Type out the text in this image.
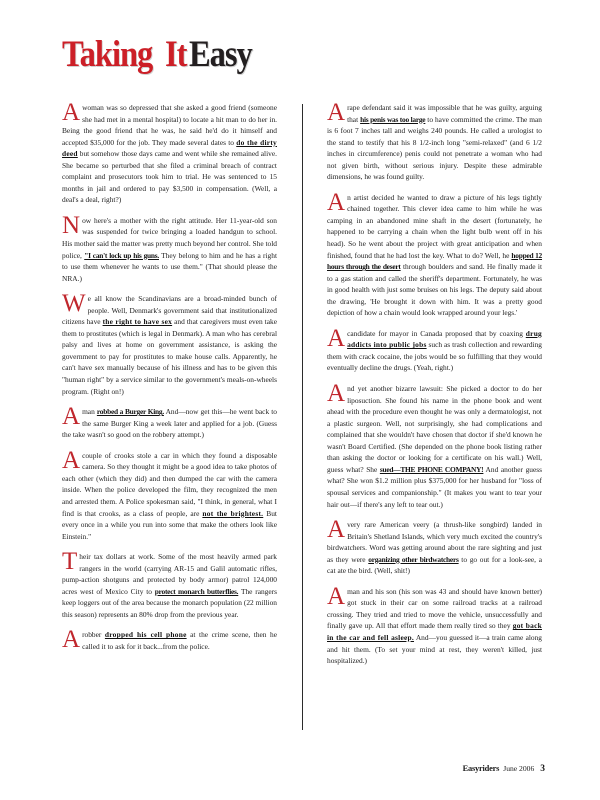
Taking It Easy

Awoman was so depressed that she asked a good friend (someone she had met in a mental hospital) to locate a hit man to do her in. Being the good friend that he was, he said he'd do it himself and accepted $35,000 for the job. They made several dates to do the dirty deed but somehow those days came and went while she remained alive. She became so perturbed that she filed a criminal breach of contract complaint and prosecutors took him to trial. He was sentenced to 15 months in jail and ordered to pay $3,500 in compensation. (Well, a deal's a deal, right?)

Now here's a mother with the right attitude. Her 11-year-old son was suspended for twice bringing a loaded handgun to school. His mother said the matter was pretty much beyond her control. She told police, "I can't lock up his guns. They belong to him and he has a right to use them whenever he wants to use them." (That should please the NRA.)

We all know the Scandinavians are a broad-minded bunch of people. Well, Denmark's government said that institutionalized citizens have the right to have sex and that caregivers must even take them to prostitutes (which is legal in Denmark). A man who has cerebral palsy and lives at home on government assistance, is asking the government to pay for prostitutes to make house calls. Apparently, he can't have sex manually because of his illness and has to be given this "human right" by a service similar to the government's meals-on-wheels program. (Right on!)

Aman robbed a Burger King. And—now get this—he went back to the same Burger King a week later and applied for a job. (Guess the take wasn't so good on the robbery attempt.)

Acouple of crooks stole a car in which they found a disposable camera. So they thought it might be a good idea to take photos of each other (which they did) and then dumped the car with the camera inside. When the police developed the film, they recognized the men and arrested them. A Police spokesman said, "I think, in general, what I find is that crooks, as a class of people, are not the brightest. But every once in a while you run into some that make the others look like Einstein."

Their tax dollars at work. Some of the most heavily armed park rangers in the world (carrying AR-15 and Galil automatic rifles, pump-action shotguns and protected by body armor) patrol 124,000 acres west of Mexico City to protect monarch butterflies. The rangers keep loggers out of the area because the monarch population (22 million this season) represents an 80% drop from the previous year.

Arobber dropped his cell phone at the crime scene, then he called it to ask for it back...from the police.

Arape defendant said it was impossible that he was guilty, arguing that his penis was too large to have committed the crime. The man is 6 foot 7 inches tall and weighs 240 pounds. He called a urologist to the stand to testify that his 8 1/2-inch long "semi-relaxed" (and 6 1/2 inches in circumference) penis could not penetrate a woman who had not given birth, without serious injury. Despite these admirable dimensions, he was found guilty.

An artist decided he wanted to draw a picture of his legs tightly chained together. This clever idea came to him while he was camping in an abandoned mine shaft in the desert (fortunately, he happened to be carrying a chain when the light bulb went off in his head). So he went about the project with great anticipation and when finished, found that he had lost the key. What to do? Well, he hopped 12 hours through the desert through boulders and sand. He finally made it to a gas station and called the sheriff's department. Fortunately, he was in good health with just some bruises on his legs. The deputy said about the drawing, 'He brought it down with him. It was a pretty good depiction of how a chain would look wrapped around your legs.'

Acandidate for mayor in Canada proposed that by coaxing drug addicts into public jobs such as trash collection and rewarding them with crack cocaine, the jobs would be so fulfilling that they would eventually decline the drugs. (Yeah, right.)

And yet another bizarre lawsuit: She picked a doctor to do her liposuction. She found his name in the phone book and went ahead with the procedure even thought he was only a dermatologist, not a plastic surgeon. Well, not surprisingly, she had complications and complained that she wouldn't have chosen that doctor if she'd known he wasn't Board Certified. (She depended on the phone book listing rather than asking the doctor or looking for a certificate on his wall.) Well, guess what? She sued—THE PHONE COMPANY! And another guess what? She won $1.2 million plus $375,000 for her husband for "loss of spousal services and companionship." (It makes you want to tear your hair out—if there's any left to tear out.)

Avery rare American veery (a thrush-like songbird) landed in Britain's Shetland Islands, which very much excited the country's birdwatchers. Word was getting around about the rare sighting and just as they were organizing other birdwatchers to go out for a look-see, a cat ate the bird. (Well, shit!)

Aman and his son (his son was 43 and should have known better) got stuck in their car on some railroad tracks at a railroad crossing. They tried and tried to move the vehicle, unsuccessfully and finally gave up. All that effort made them really tired so they got back in the car and fell asleep. And—you guessed it—a train came along and hit them. (To set your mind at rest, they weren't killed, just hospitalized.)

Easyriders June 2006 3
